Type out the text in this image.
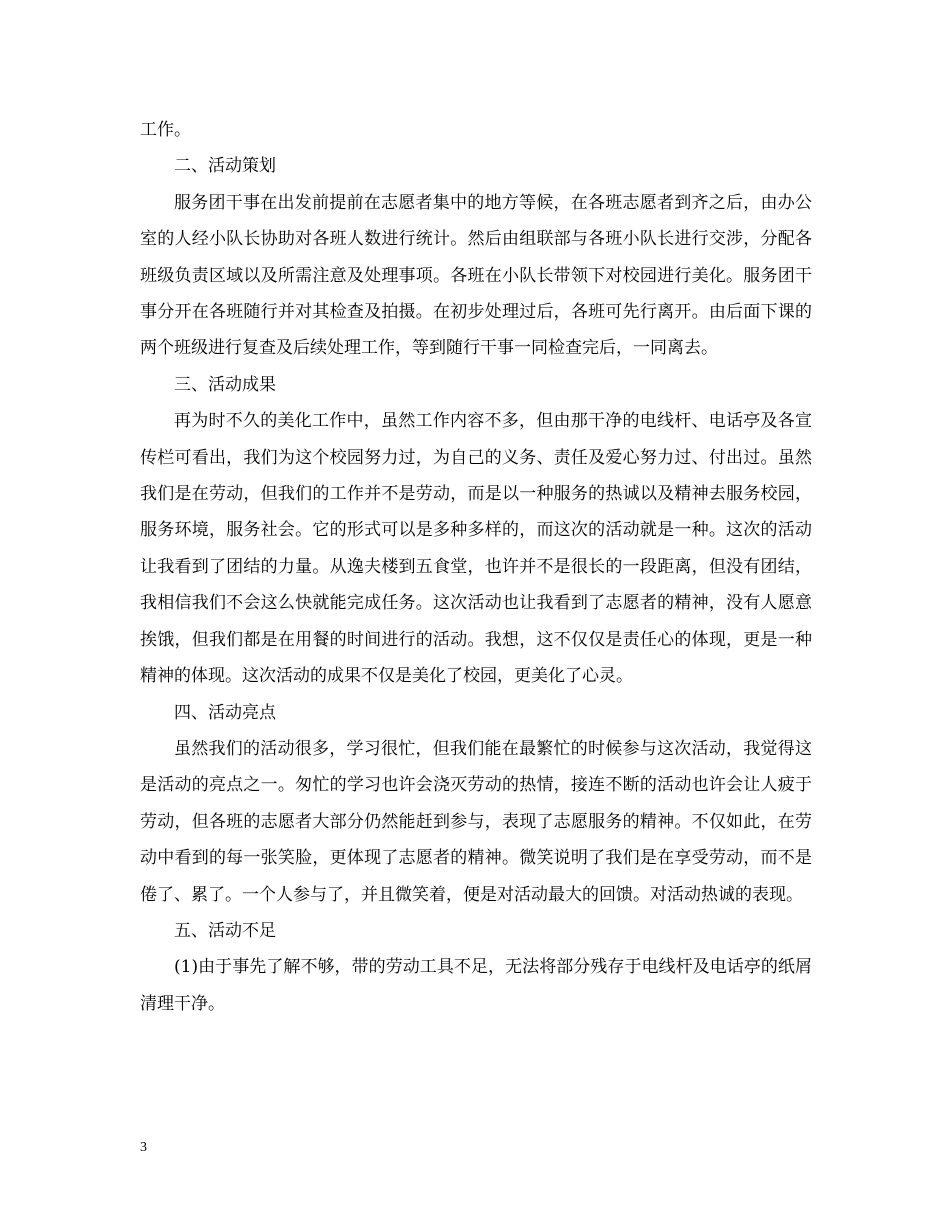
工作。

二、活动策划

服务团干事在出发前提前在志愿者集中的地方等候，在各班志愿者到齐之后，由办公室的人经小队长协助对各班人数进行统计。然后由组联部与各班小队长进行交涉，分配各班级负责区域以及所需注意及处理事项。各班在小队长带领下对校园进行美化。服务团干事分开在各班随行并对其检查及拍摄。在初步处理过后，各班可先行离开。由后面下课的两个班级进行复查及后续处理工作，等到随行干事一同检查完后，一同离去。

三、活动成果

再为时不久的美化工作中，虽然工作内容不多，但由那干净的电线杆、电话亭及各宣传栏可看出，我们为这个校园努力过，为自己的义务、责任及爱心努力过、付出过。虽然我们是在劳动，但我们的工作并不是劳动，而是以一种服务的热诚以及精神去服务校园，服务环境，服务社会。它的形式可以是多种多样的，而这次的活动就是一种。这次的活动让我看到了团结的力量。从逸夫楼到五食堂，也许并不是很长的一段距离，但没有团结，我相信我们不会这么快就能完成任务。这次活动也让我看到了志愿者的精神，没有人愿意挨饿，但我们都是在用餐的时间进行的活动。我想，这不仅仅是责任心的体现，更是一种精神的体现。这次活动的成果不仅是美化了校园，更美化了心灵。

四、活动亮点

虽然我们的活动很多，学习很忙，但我们能在最繁忙的时候参与这次活动，我觉得这是活动的亮点之一。匆忙的学习也许会浇灭劳动的热情，接连不断的活动也许会让人疲于劳动，但各班的志愿者大部分仍然能赶到参与，表现了志愿服务的精神。不仅如此，在劳动中看到的每一张笑脸，更体现了志愿者的精神。微笑说明了我们是在享受劳动，而不是倦了、累了。一个人参与了，并且微笑着，便是对活动最大的回馈。对活动热诚的表现。

五、活动不足

(1)由于事先了解不够，带的劳动工具不足，无法将部分残存于电线杆及电话亭的纸屑清理干净。

3
